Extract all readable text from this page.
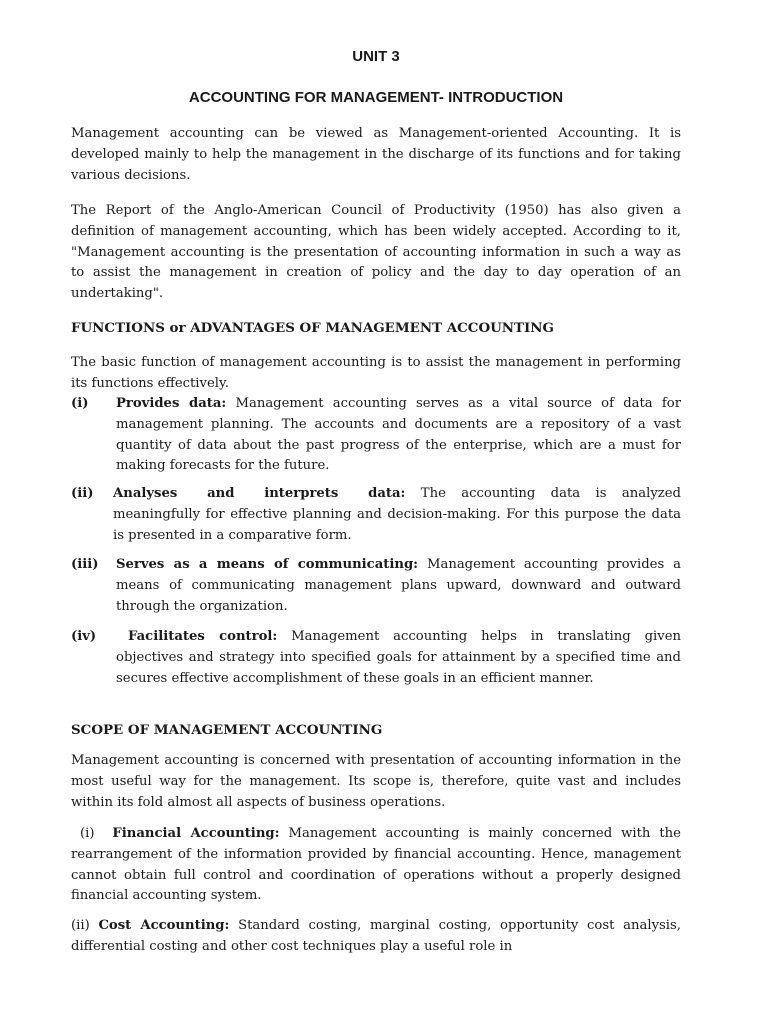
UNIT 3
ACCOUNTING FOR MANAGEMENT- INTRODUCTION

Management accounting can be viewed as Management-oriented Accounting. It is developed mainly to help the management in the discharge of its functions and for taking various decisions.

The Report of the Anglo-American Council of Productivity (1950) has also given a definition of management accounting, which has been widely accepted. According to it, "Management accounting is the presentation of accounting information in such a way as to assist the management in creation of policy and the day to day operation of an undertaking".

FUNCTIONS or ADVANTAGES OF MANAGEMENT ACCOUNTING

The basic function of management accounting is to assist the management in performing its functions effectively.

(i) Provides data: Management accounting serves as a vital source of data for management planning. The accounts and documents are a repository of a vast quantity of data about the past progress of the enterprise, which are a must for making forecasts for the future.
(ii) Analyses and interprets data: The accounting data is analyzed meaningfully for effective planning and decision-making. For this purpose the data is presented in a comparative form.
(iii) Serves as a means of communicating: Management accounting provides a means of communicating management plans upward, downward and outward through the organization.
(iv)	Facilitates control: Management accounting helps in translating given objectives and strategy into specified goals for attainment by a specified time and secures effective accomplishment of these goals in an efficient manner.
SCOPE OF MANAGEMENT ACCOUNTING

Management accounting is concerned with presentation of accounting information in the most useful way for the management. Its scope is, therefore, quite vast and includes within its fold almost all aspects of business operations.

(i) Financial Accounting: Management accounting is mainly concerned with the rearrangement of the information provided by financial accounting. Hence, management cannot obtain full control and coordination of operations without a properly designed financial accounting system.

(ii) Cost Accounting: Standard costing, marginal costing, opportunity cost analysis, differential costing and other cost techniques play a useful role in
